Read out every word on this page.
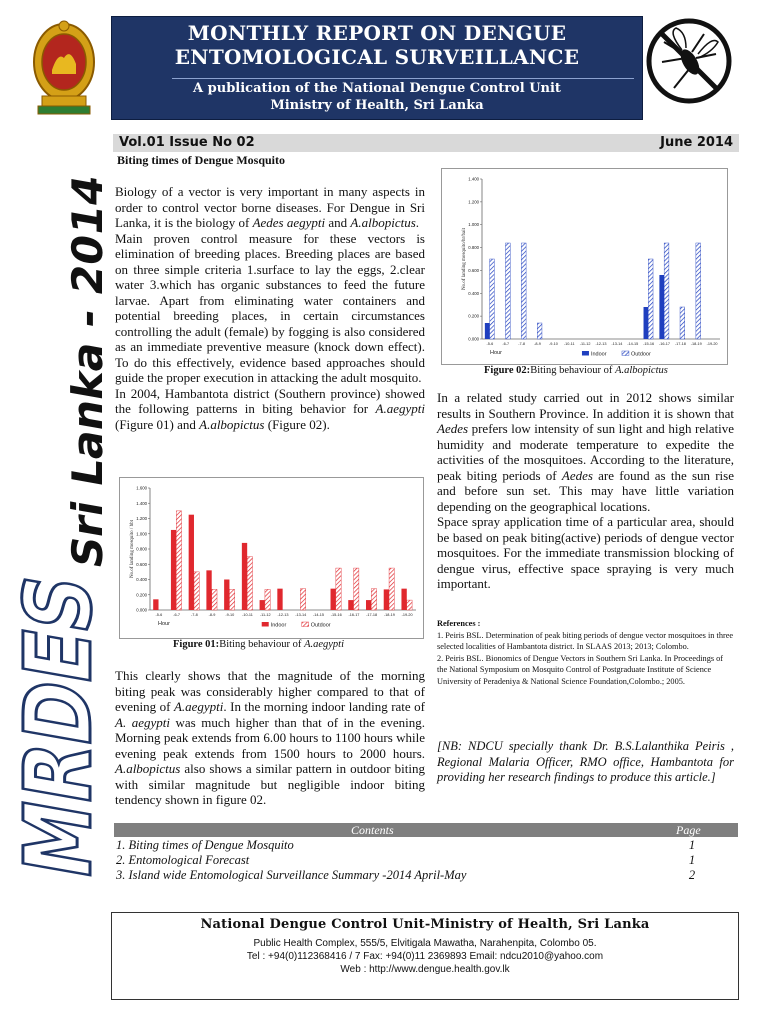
MONTHLY REPORT ON DENGUE
ENTOMOLOGICAL SURVEILLANCE
A publication of the National Dengue Control Unit
Ministry of Health, Sri Lanka
Vol.01 Issue No 02	June 2014
MRDES
Sri Lanka - 2014
Biting times of Dengue Mosquito

Biology of a vector is very important in many aspects in order to control vector borne diseases. For Dengue in Sri Lanka, it is the biology of Aedes aegypti and A.albopictus.

Main proven control measure for these vectors is elimination of breeding places. Breeding places are based on three simple criteria 1.surface to lay the eggs, 2.clear water 3.which has organic substances to feed the future larvae. Apart from eliminating water containers and potential breeding places, in certain circumstances controlling the adult (female) by fogging is also considered as an immediate preventive measure (knock down effect). To do this effectively, evidence based approaches should guide the proper execution in attacking the adult mosquito.

In 2004, Hambantota district (Southern province) showed the following patterns in biting behavior for A.aegypti (Figure 01) and A.albopictus (Figure 02).

0.000
0.200
0.400
0.600
0.800
1.000
1.200
1.400
1.600
-5-6	-6-7	-7-8	-8-9	-9-10 -10-11 -11-12 -12-13 -13-14 -14-15 -15-16 -16-17 -17-18 -18-19 -19-20
No.of landing mosquito / hbt
Hour	Indoor	Outdoor
Figure 01:Biting behaviour of A.aegypti

This clearly shows that the magnitude of the morning biting peak was considerably higher compared to that of evening of A.aegypti. In the morning indoor landing rate of A. aegypti was much higher than that of in the evening. Morning peak extends from 6.00 hours to 1100 hours while evening peak extends from 1500 hours to 2000 hours. A.albopictus also shows a similar pattern in outdoor biting with similar magnitude but negligible indoor biting tendency shown in figure 02.

0.000
0.200
0.400
0.600
0.800
1.000
1.200
1.400
-5-6 -6-7 -7-8 -8-9 -9-10 -10-11 -11-12 -12-13 -13-14 -14-15 -15-16 -16-17 -17-18 -18-19 -19-20
No.of landing mosquito/hr/bait
Hour	Indoor	Outdoor
Figure 02:Biting behaviour of A.albopictus

In a related study carried out in 2012 shows similar results in Southern Province. In addition it is shown that Aedes prefers low intensity of sun light and high relative humidity and moderate temperature to expedite the activities of the mosquitoes. According to the literature, peak biting periods of Aedes are found as the sun rise and before sun set. This may have little variation depending on the geographical locations.

Space spray application time of a particular area, should be based on peak biting(active) periods of dengue vector mosquitoes. For the immediate transmission blocking of dengue virus, effective space spraying is very much important.

References :
1. Peiris BSL. Determination of peak biting periods of dengue vector mosquitoes in three selected localities of Hambantota district. In SLAAS 2013; 2013; Colombo.
2. Peiris BSL. Bionomics of Dengue Vectors in Southern Sri Lanka. In Proceedings of the National Symposium on Mosquito Control of Postgraduate Institute of Science University of Peradeniya & National Science Foundation,Colombo.; 2005.
[NB: NDCU specially thank Dr. B.S.Lalanthika Peiris , Regional Malaria Officer, RMO office, Hambantota for providing her research findings to produce this article.]
Contents	Page
1. Biting times of Dengue Mosquito	1
2. Entomological Forecast	1
3. Island wide Entomological Surveillance Summary -2014 April-May	2
National Dengue Control Unit-Ministry of Health, Sri Lanka
Public Health Complex, 555/5, Elvitigala Mawatha, Narahenpita, Colombo 05.
Tel : +94(0)112368416 / 7 Fax: +94(0)11 2369893 Email: ndcu2010@yahoo.com
Web : http://www.dengue.health.gov.lk
